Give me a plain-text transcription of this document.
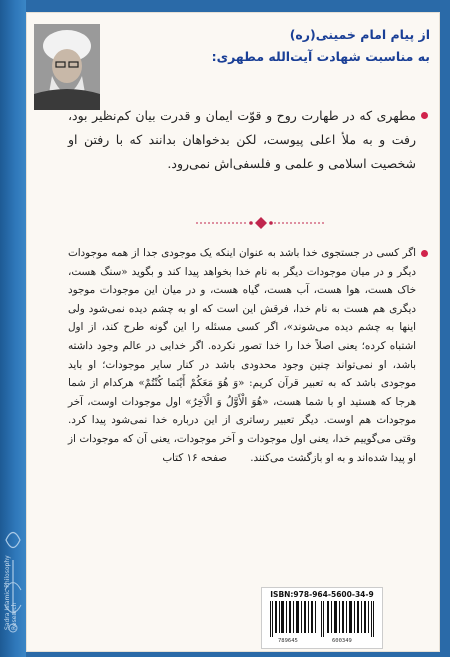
Sadra Islamic Philosophy Research
از پیام امام خمینی(ره)
به مناسبت شهادت آیت‌الله مطهری:
مطهری که در طهارت روح و قوّت ایمان و قدرت بیان کم‌نظیر بود، رفت و به ملأ اعلی پیوست، لکن بدخواهان بدانند که با رفتن او شخصیت اسلامی و علمی و فلسفی‌اش نمی‌رود.
اگر کسی در جستجوی خدا باشد به عنوان اینکه یک موجودی جدا از همه موجودات دیگر و در میان موجودات دیگر به نام خدا بخواهد پیدا کند و بگوید «سنگ هست، خاک هست، هوا هست، آب هست، گیاه هست، و در میان این موجودات موجود دیگری هم هست به نام خدا، فرقش این است که او به چشم دیده نمی‌شود ولی اینها به چشم دیده می‌شوند»، اگر کسی مسئله را این گونه طرح کند، از اول اشتباه کرده؛ یعنی اصلاً خدا را خدا تصور نکرده. اگر خدایی در عالم وجود داشته باشد، او نمی‌تواند چنین وجود محدودی باشد در کنار سایر موجودات؛ او باید موجودی باشد که به تعبیر قرآن کریم: «وَ هُوَ مَعَكُمْ أَيْنَما كُنْتُمْ» هرکدام از شما هرجا که هستید او با شما هست، «هُوَ الْأَوَّلُ وَ الْآخِرُ» اول موجودات اوست، آخر موجودات هم اوست. دیگر تعبیر رساتری از این درباره خدا نمی‌شود پیدا کرد. وقتی می‌گوییم خدا، یعنی اول موجودات و آخر موجودات، یعنی آن که موجودات از او پیدا شده‌اند و به او بازگشت می‌کنند. صفحه ۱۶ کتاب
ISBN:978-964-5600-34-9
789645	600349
